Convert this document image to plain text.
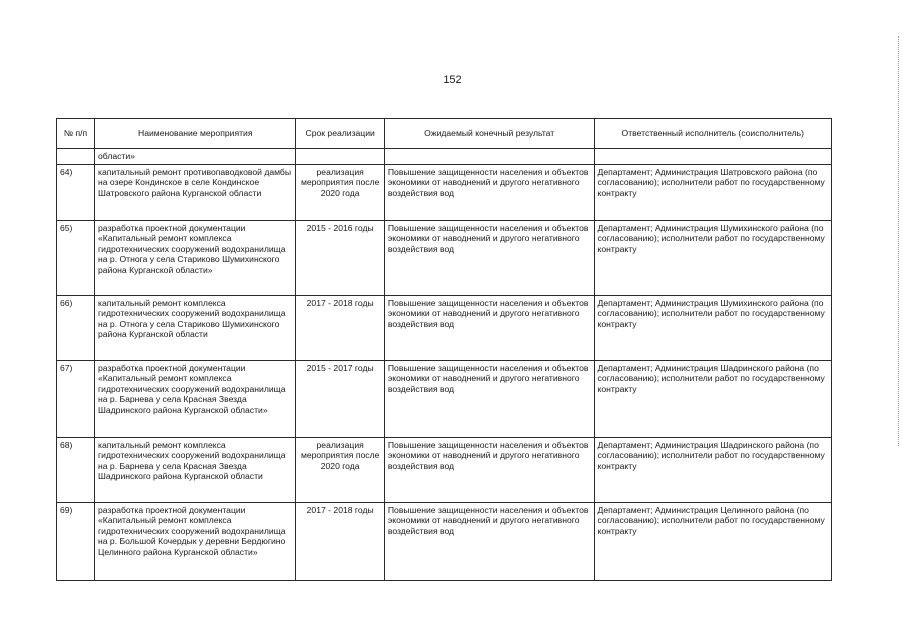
152
№ п/п	Наименование мероприятия	Срок реализации	Ожидаемый конечный результат	Ответственный исполнитель (соисполнитель)
	области»			
64)	капитальный ремонт противопаводковой дамбы на озере Кондинское в селе Кондинское Шатровского района Курганской области	реализация мероприятия после 2020 года	Повышение защищенности населения и объектов экономики от наводнений и другого негативного воздействия вод	Департамент; Администрация Шатровского района (по согласованию); исполнители работ по государственному контракту
65)	разработка проектной документации «Капитальный ремонт комплекса гидротехнических сооружений водохранилища на р. Отнога у села Стариково Шумихинского района Курганской области»	2015 - 2016 годы	Повышение защищенности населения и объектов экономики от наводнений и другого негативного воздействия вод	Департамент; Администрация Шумихинского района (по согласованию); исполнители работ по государственному контракту
66)	капитальный ремонт комплекса гидротехнических сооружений водохранилища на р. Отнога у села Стариково Шумихинского района Курганской области	2017 - 2018 годы	Повышение защищенности населения и объектов экономики от наводнений и другого негативного воздействия вод	Департамент; Администрация Шумихинского района (по согласованию); исполнители работ по государственному контракту
67)	разработка проектной документации «Капитальный ремонт комплекса гидротехнических сооружений водохранилища на р. Барнева у села Красная Звезда Шадринского района Курганской области»	2015 - 2017 годы	Повышение защищенности населения и объектов экономики от наводнений и другого негативного воздействия вод	Департамент; Администрация Шадринского района (по согласованию); исполнители работ по государственному контракту
68)	капитальный ремонт комплекса гидротехнических сооружений водохранилища на р. Барнева у села Красная Звезда Шадринского района Курганской области	реализация мероприятия после 2020 года	Повышение защищенности населения и объектов экономики от наводнений и другого негативного воздействия вод	Департамент; Администрация Шадринского района (по согласованию); исполнители работ по государственному контракту
69)	разработка проектной документации «Капитальный ремонт комплекса гидротехнических сооружений водохранилища на р. Большой Кочердык у деревни Бердюгино Целинного района Курганской области»	2017 - 2018 годы	Повышение защищенности населения и объектов экономики от наводнений и другого негативного воздействия вод	Департамент; Администрация Целинного района (по согласованию); исполнители работ по государственному контракту
